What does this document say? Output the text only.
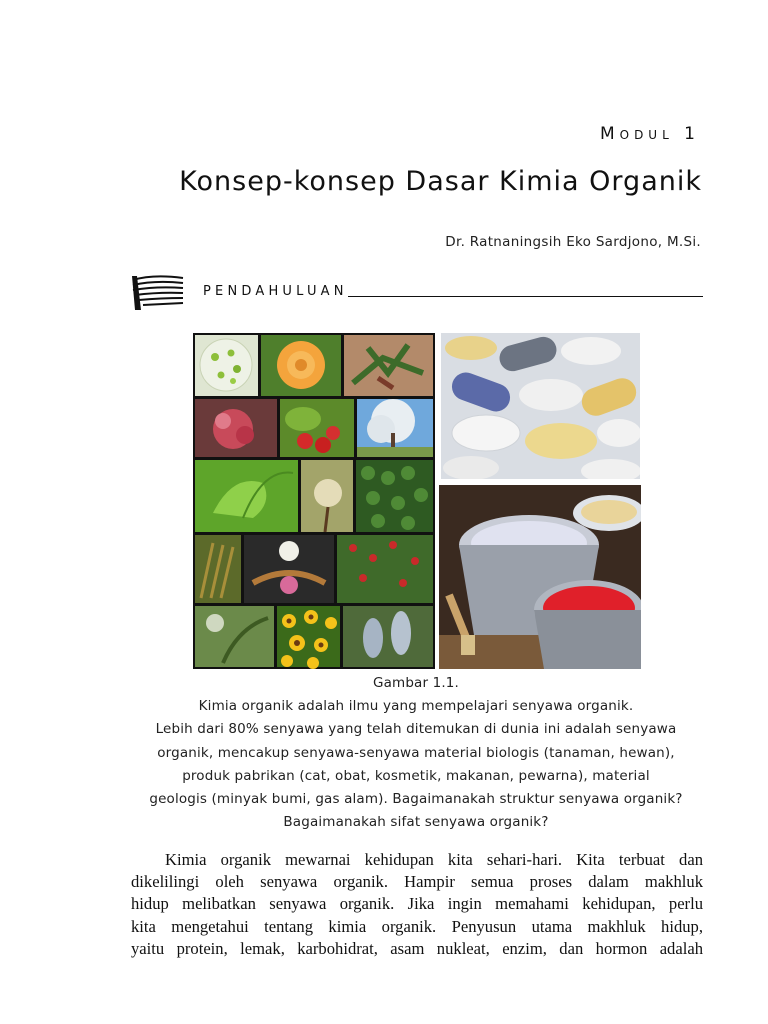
Modul 1
Konsep-konsep Dasar Kimia Organik
Dr. Ratnaningsih Eko Sardjono, M.Si.
PENDAHULUAN
Gambar 1.1.
Kimia organik adalah ilmu yang mempelajari senyawa organik.
Lebih dari 80% senyawa yang telah ditemukan di dunia ini adalah senyawa
organik, mencakup senyawa-senyawa material biologis (tanaman, hewan),
produk pabrikan (cat, obat, kosmetik, makanan, pewarna), material
geologis (minyak bumi, gas alam). Bagaimanakah struktur senyawa organik?
Bagaimanakah sifat senyawa organik?
Kimia organik mewarnai kehidupan kita sehari-hari. Kita terbuat dan
dikelilingi oleh senyawa organik. Hampir semua proses dalam makhluk
hidup melibatkan senyawa organik. Jika ingin memahami kehidupan, perlu
kita mengetahui tentang kimia organik. Penyusun utama makhluk hidup,
yaitu protein, lemak, karbohidrat, asam nukleat, enzim, dan hormon adalah
